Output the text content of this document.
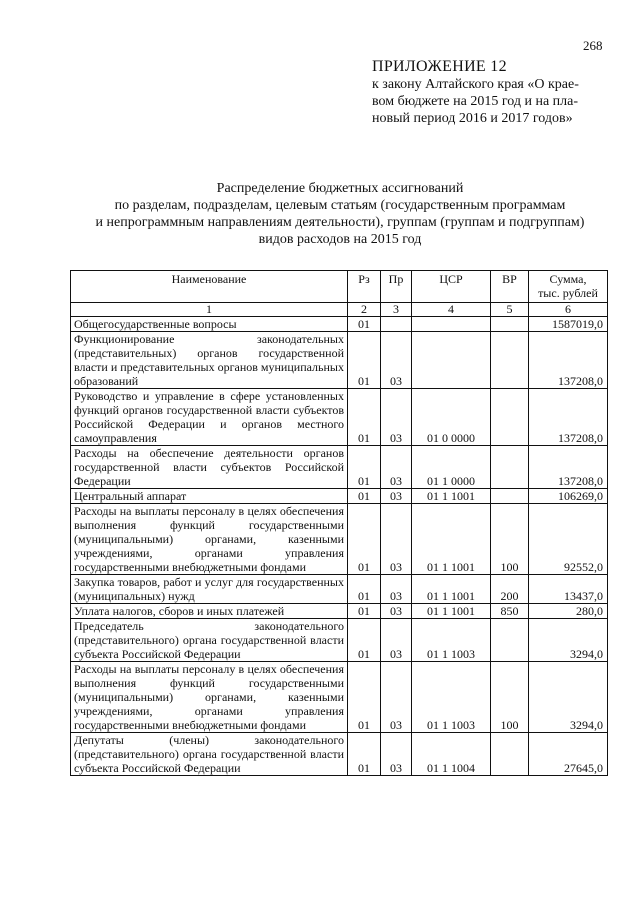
268
ПРИЛОЖЕНИЕ 12
к закону Алтайского края «О крае-
вом бюджете на 2015 год и на пла-
новый период 2016 и 2017 годов»
Распределение бюджетных ассигнований
по разделам, подразделам, целевым статьям (государственным программам
и непрограммным направлениям деятельности), группам (группам и подгруппам)
видов расходов на 2015 год
Наименование	Рз	Пр	ЦСР	ВР	Сумма,
тыс. рублей

1	2	3	4	5	6
Общегосударственные вопросы	01				1587019,0
Функционирование законодательных (представительных) органов государственной власти и представительных органов муниципальных образований	01	03			137208,0
Руководство и управление в сфере установленных функций органов государственной власти субъектов Российской Федерации и органов местного самоуправления	01	03	01 0 0000		137208,0
Расходы на обеспечение деятельности органов государственной власти субъектов Российской Федерации	01	03	01 1 0000		137208,0
Центральный аппарат	01	03	01 1 1001		106269,0
Расходы на выплаты персоналу в целях обеспечения выполнения функций государственными (муниципальными) органами, казенными учреждениями, органами управления государственными внебюджетными фондами	01	03	01 1 1001	100	92552,0
Закупка товаров, работ и услуг для государственных (муниципальных) нужд	01	03	01 1 1001	200	13437,0
Уплата налогов, сборов и иных платежей	01	03	01 1 1001	850	280,0
Председатель законодательного (представительного) органа государственной власти субъекта Российской Федерации	01	03	01 1 1003		3294,0
Расходы на выплаты персоналу в целях обеспечения выполнения функций государственными (муниципальными) органами, казенными учреждениями, органами управления государственными внебюджетными фондами	01	03	01 1 1003	100	3294,0
Депутаты (члены) законодательного (представительного) органа государственной власти субъекта Российской Федерации	01	03	01 1 1004		27645,0
